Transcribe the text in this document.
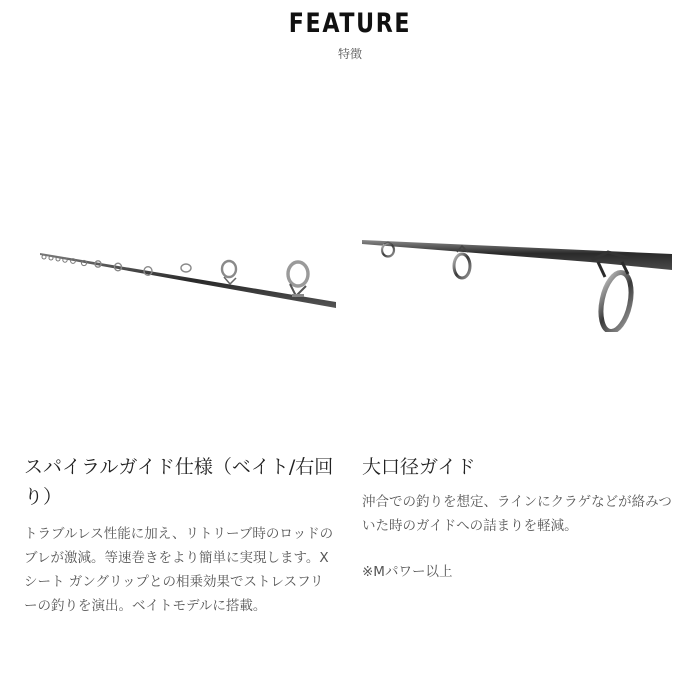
FEATURE
特徴
スパイラルガイド仕様（ベイト/右回り）

トラブルレス性能に加え、リトリーブ時のロッドのブレが激減。等速巻きをより簡単に実現します。Xシート ガングリップとの相乗効果でストレスフリーの釣りを演出。ベイトモデルに搭載。

大口径ガイド

沖合での釣りを想定、ラインにクラゲなどが絡みついた時のガイドへの詰まりを軽減。

※Mパワー以上
